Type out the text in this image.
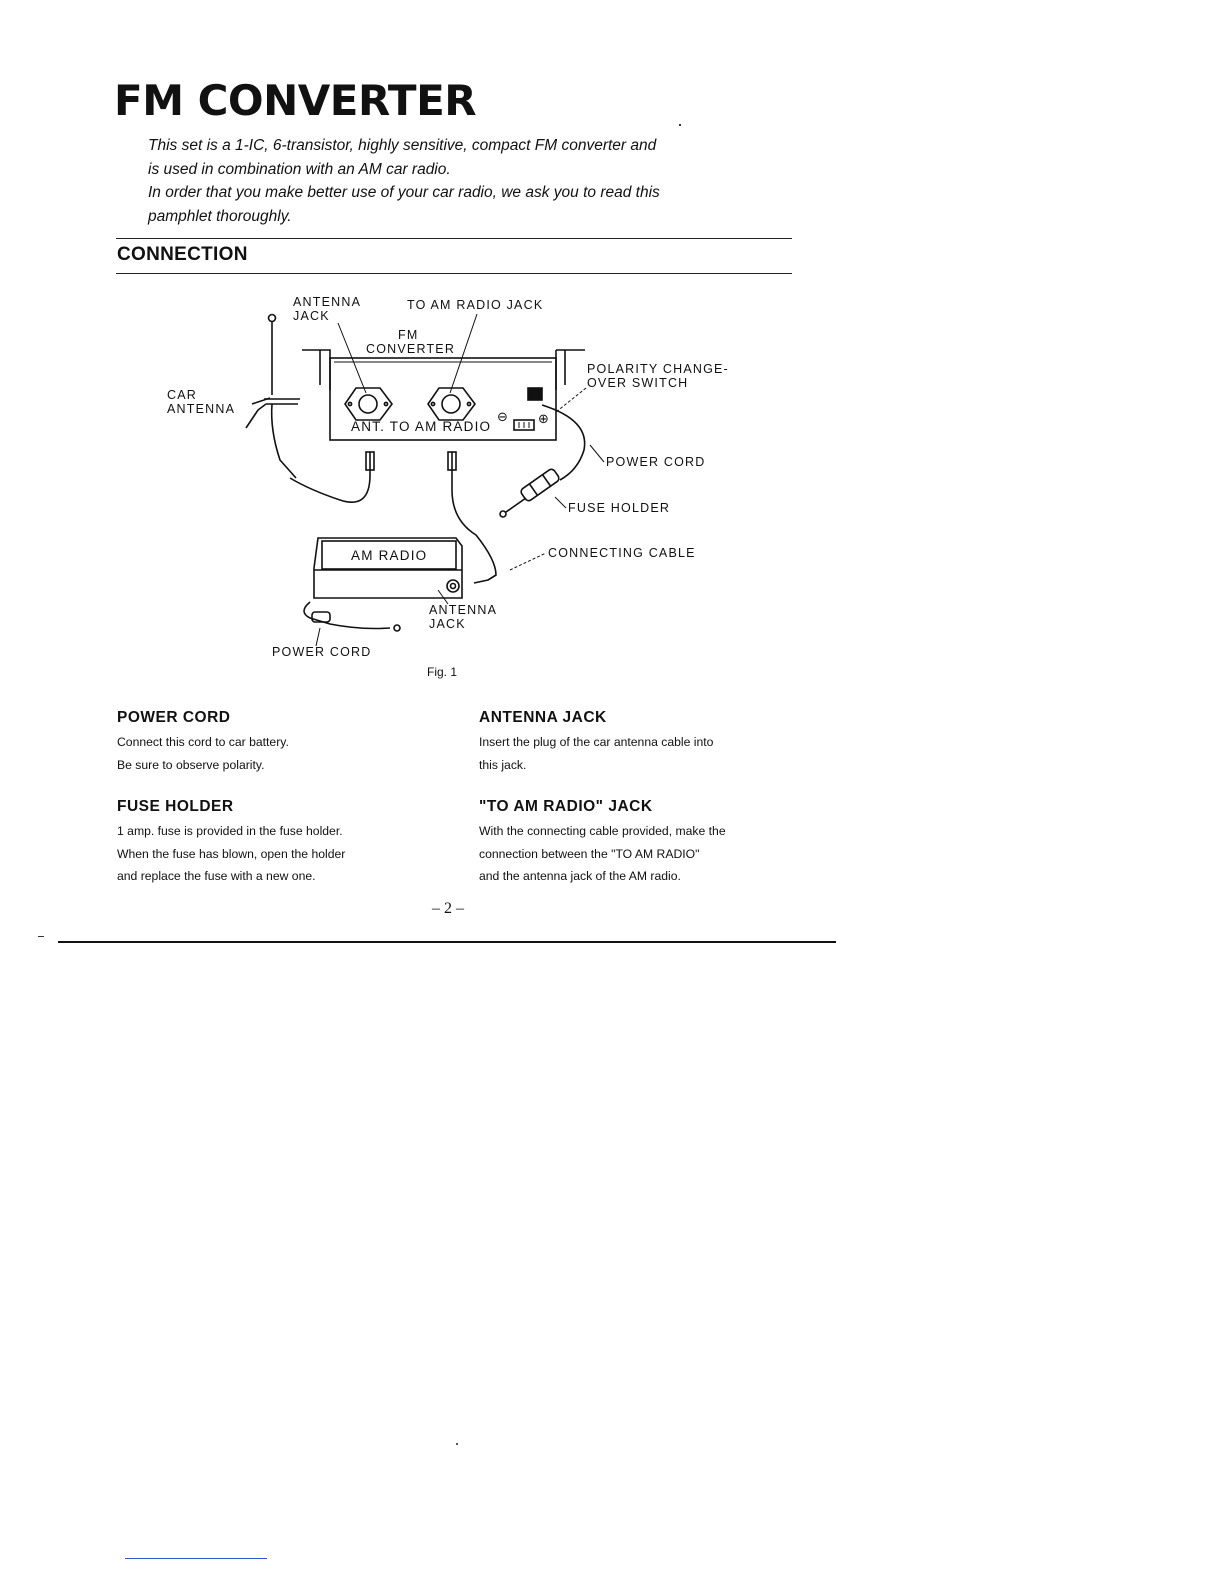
FM CONVERTER

This set is a 1-IC, 6-transistor, highly sensitive, compact FM converter and

is used in combination with an AM car radio.

In order that you make better use of your car radio, we ask you to read this

pamphlet thoroughly.

CONNECTION
ANTENNA
JACK
TO AM RADIO JACK
FM
CONVERTER
POLARITY CHANGE-
OVER SWITCH
CAR
ANTENNA
ANT. TO AM RADIO
⊖ ⊕
POWER CORD
FUSE HOLDER
CONNECTING CABLE
AM RADIO
ANTENNA
JACK
POWER CORD
Fig. 1
POWER CORD

Connect this cord to car battery.
Be sure to observe polarity.

ANTENNA JACK

Insert the plug of the car antenna cable into
this jack.

FUSE HOLDER

1 amp. fuse is provided in the fuse holder.
When the fuse has blown, open the holder
and replace the fuse with a new one.

"TO AM RADIO" JACK

With the connecting cable provided, make the
connection between the "TO AM RADIO"
and the antenna jack of the AM radio.

– 2 –
